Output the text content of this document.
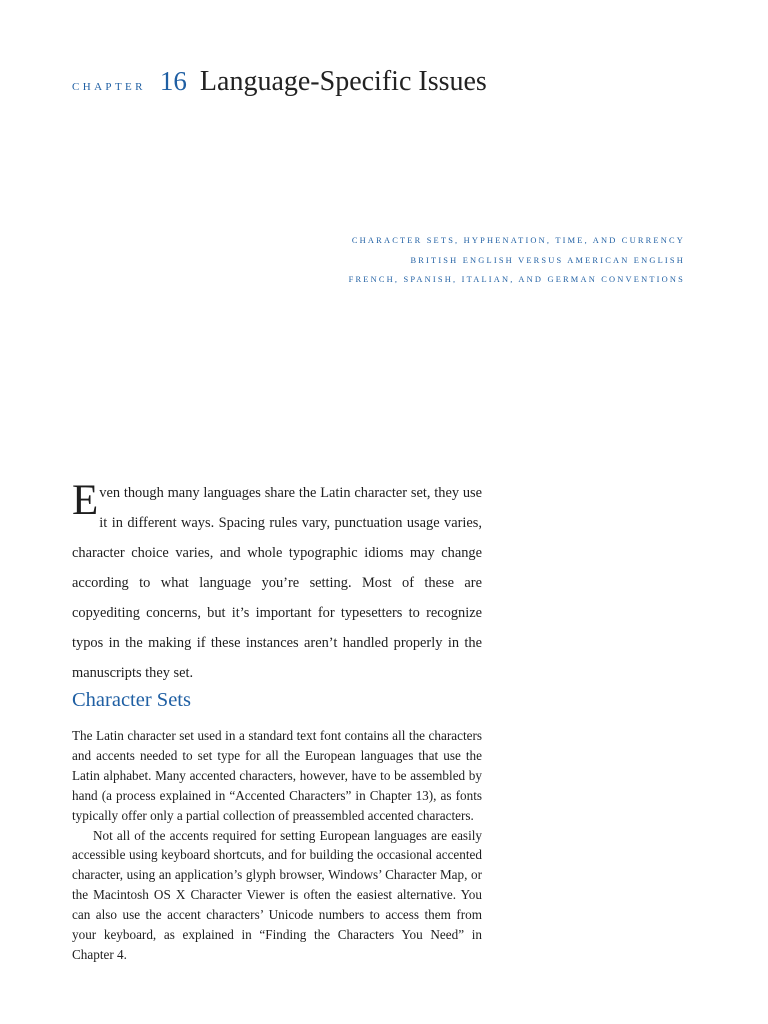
CHAPTER 16 Language-Specific Issues
CHARACTER SETS, HYPHENATION, TIME, AND CURRENCY
BRITISH ENGLISH VERSUS AMERICAN ENGLISH
FRENCH, SPANISH, ITALIAN, AND GERMAN CONVENTIONS

Even though many languages share the Latin character set, they use it in different ways. Spacing rules vary, punctuation usage varies, character choice varies, and whole typographic idioms may change according to what language you’re setting. Most of these are copyediting concerns, but it’s important for typesetters to recognize typos in the making if these instances aren’t handled properly in the manuscripts they set.

Character Sets

The Latin character set used in a standard text font contains all the characters and accents needed to set type for all the European languages that use the Latin alphabet. Many accented characters, however, have to be assembled by hand (a process explained in “Accented Characters” in Chapter 13), as fonts typically offer only a partial collection of preassembled accented characters.

Not all of the accents required for setting European languages are easily accessible using keyboard shortcuts, and for building the occasional accented character, using an application’s glyph browser, Windows’ Character Map, or the Macintosh OS X Character Viewer is often the easiest alternative. You can also use the accent characters’ Unicode numbers to access them from your keyboard, as explained in “Finding the Characters You Need” in Chapter 4.
